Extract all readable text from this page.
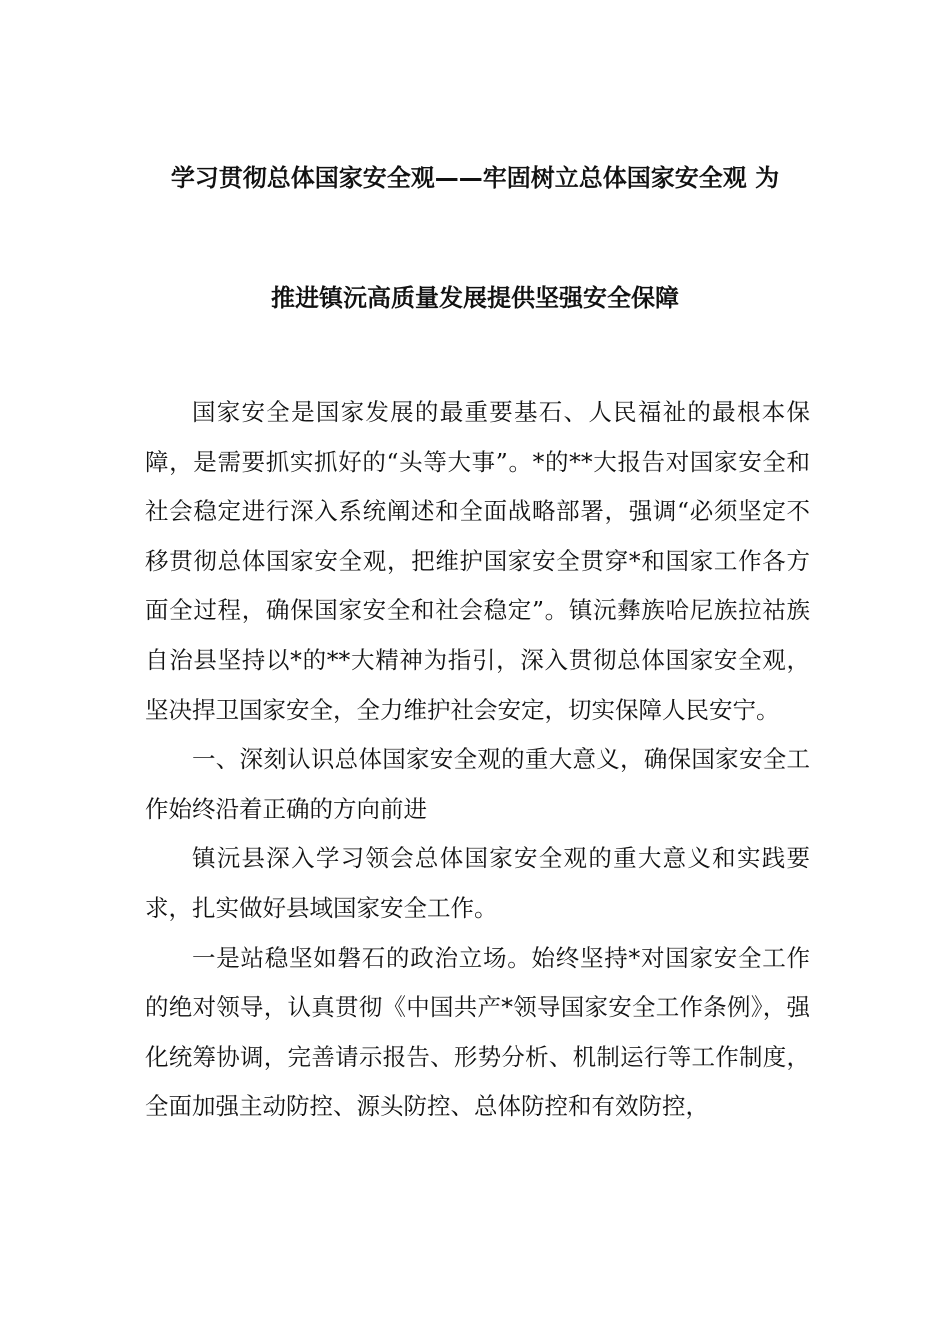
学习贯彻总体国家安全观——牢固树立总体国家安全观 为
推进镇沅高质量发展提供坚强安全保障

国家安全是国家发展的最重要基石、人民福祉的最根本保障，是需要抓实抓好的“头等大事”。*的**大报告对国家安全和社会稳定进行深入系统阐述和全面战略部署，强调“必须坚定不移贯彻总体国家安全观，把维护国家安全贯穿*和国家工作各方面全过程，确保国家安全和社会稳定”。镇沅彝族哈尼族拉祜族自治县坚持以*的**大精神为指引，深入贯彻总体国家安全观，坚决捍卫国家安全，全力维护社会安定，切实保障人民安宁。

一、深刻认识总体国家安全观的重大意义，确保国家安全工作始终沿着正确的方向前进

镇沅县深入学习领会总体国家安全观的重大意义和实践要求，扎实做好县域国家安全工作。

一是站稳坚如磐石的政治立场。始终坚持*对国家安全工作的绝对领导，认真贯彻《中国共产*领导国家安全工作条例》，强化统筹协调，完善请示报告、形势分析、机制运行等工作制度，全面加强主动防控、源头防控、总体防控和有效防控，
